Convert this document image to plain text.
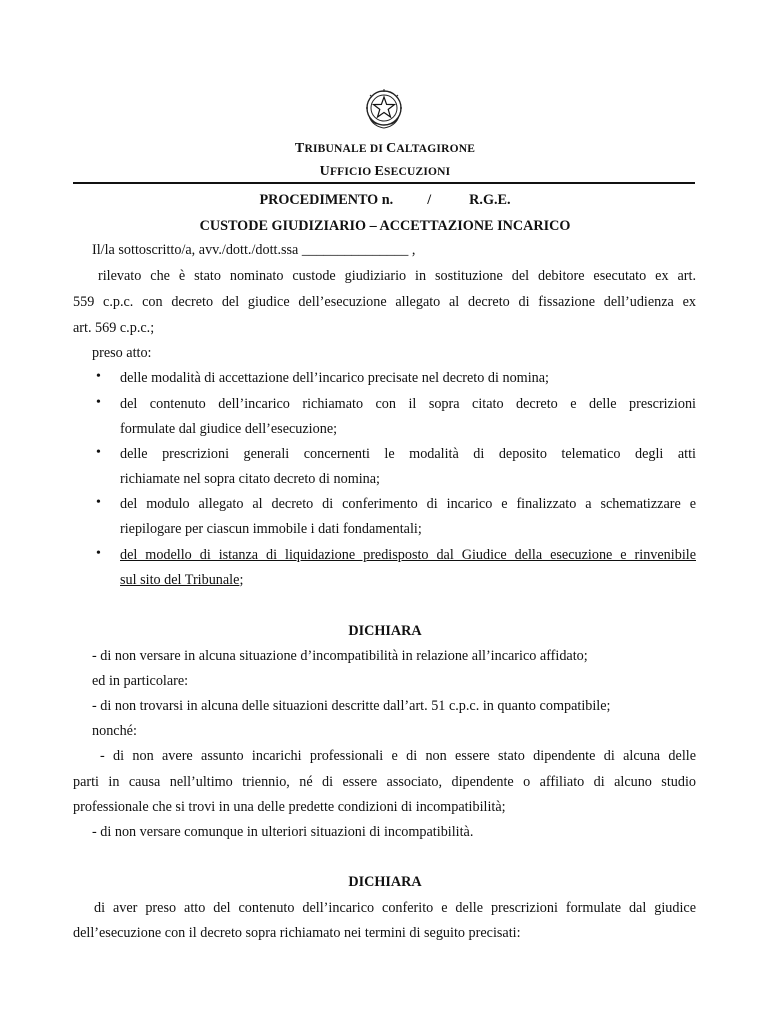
TRIBUNALE DI CALTAGIRONE
UFFICIO ESECUZIONI
PROCEDIMENTO n. /	R.G.E.
CUSTODE GIUDIZIARIO – ACCETTAZIONE INCARICO
Il/la sottoscritto/a, avv./dott./dott.ssa _______________ ,
rilevato che è stato nominato custode giudiziario in sostituzione del debitore esecutato ex art.
559 c.p.c. con decreto del giudice dell’esecuzione allegato al decreto di fissazione dell’udienza ex
art. 569 c.p.c.;
preso atto:
• delle modalità di accettazione dell’incarico precisate nel decreto di nomina;
• del contenuto dell’incarico richiamato con il sopra citato decreto e delle prescrizioni
formulate dal giudice dell’esecuzione;
• delle prescrizioni generali concernenti le modalità di deposito telematico degli atti
richiamate nel sopra citato decreto di nomina;
• del modulo allegato al decreto di conferimento di incarico e finalizzato a schematizzare e
riepilogare per ciascun immobile i dati fondamentali;
• del modello di istanza di liquidazione predisposto dal Giudice della esecuzione e rinvenibile
sul sito del Tribunale;
DICHIARA
- di non versare in alcuna situazione d’incompatibilità in relazione all’incarico affidato;
ed in particolare:
- di non trovarsi in alcuna delle situazioni descritte dall’art. 51 c.p.c. in quanto compatibile;
nonché:
- di non avere assunto incarichi professionali e di non essere stato dipendente di alcuna delle
parti in causa nell’ultimo triennio, né di essere associato, dipendente o affiliato di alcuno studio
professionale che si trovi in una delle predette condizioni di incompatibilità;
- di non versare comunque in ulteriori situazioni di incompatibilità.
DICHIARA
di aver preso atto del contenuto dell’incarico conferito e delle prescrizioni formulate dal giudice
dell’esecuzione con il decreto sopra richiamato nei termini di seguito precisati:
